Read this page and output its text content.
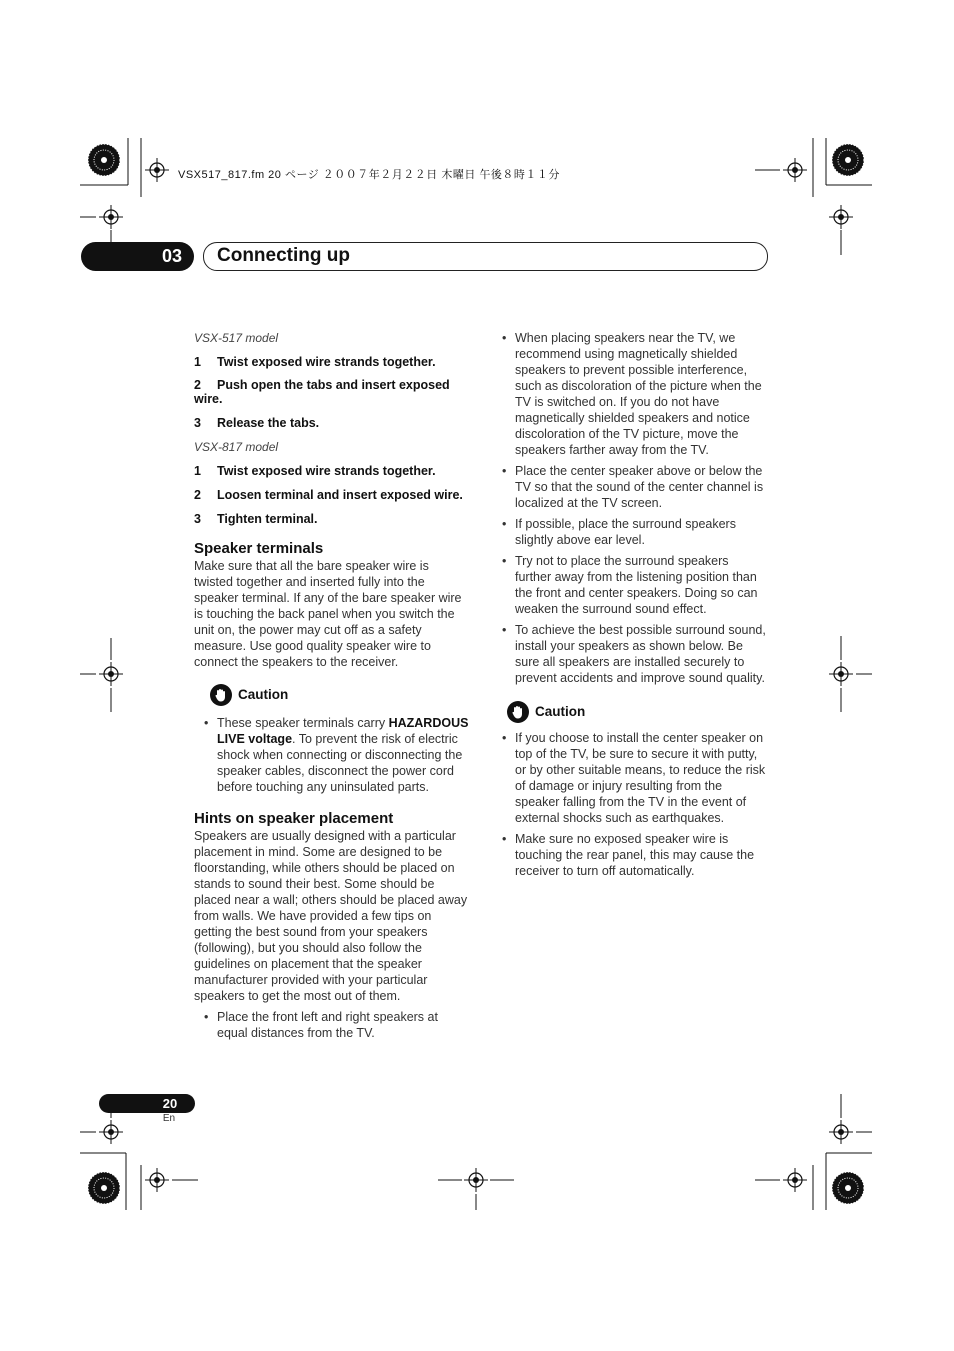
VSX517_817.fm 20 ページ ２００７年２月２２日 木曜日 午後８時１１分
03	Connecting up

VSX-517 model

1 Twist exposed wire strands together.

2 Push open the tabs and insert exposed wire.

3 Release the tabs.

VSX-817 model

1 Twist exposed wire strands together.

2 Loosen terminal and insert exposed wire.

3 Tighten terminal.

Speaker terminals

Make sure that all the bare speaker wire is twisted together and inserted fully into the speaker terminal. If any of the bare speaker wire is touching the back panel when you switch the unit on, the power may cut off as a safety measure. Use good quality speaker wire to connect the speakers to the receiver.

Caution

• These speaker terminals carry HAZARDOUS LIVE voltage. To prevent the risk of electric shock when connecting or disconnecting the speaker cables, disconnect the power cord before touching any uninsulated parts.

Hints on speaker placement

Speakers are usually designed with a particular placement in mind. Some are designed to be floorstanding, while others should be placed on stands to sound their best. Some should be placed near a wall; others should be placed away from walls. We have provided a few tips on getting the best sound from your speakers (following), but you should also follow the guidelines on placement that the speaker manufacturer provided with your particular speakers to get the most out of them.

• Place the front left and right speakers at equal distances from the TV.

• When placing speakers near the TV, we recommend using magnetically shielded speakers to prevent possible interference, such as discoloration of the picture when the TV is switched on. If you do not have magnetically shielded speakers and notice discoloration of the TV picture, move the speakers farther away from the TV.

• Place the center speaker above or below the TV so that the sound of the center channel is localized at the TV screen.

• If possible, place the surround speakers slightly above ear level.

• Try not to place the surround speakers further away from the listening position than the front and center speakers. Doing so can weaken the surround sound effect.

• To achieve the best possible surround sound, install your speakers as shown below. Be sure all speakers are installed securely to prevent accidents and improve sound quality.

Caution

• If you choose to install the center speaker on top of the TV, be sure to secure it with putty, or by other suitable means, to reduce the risk of damage or injury resulting from the speaker falling from the TV in the event of external shocks such as earthquakes.

• Make sure no exposed speaker wire is touching the rear panel, this may cause the receiver to turn off automatically.

20
En
